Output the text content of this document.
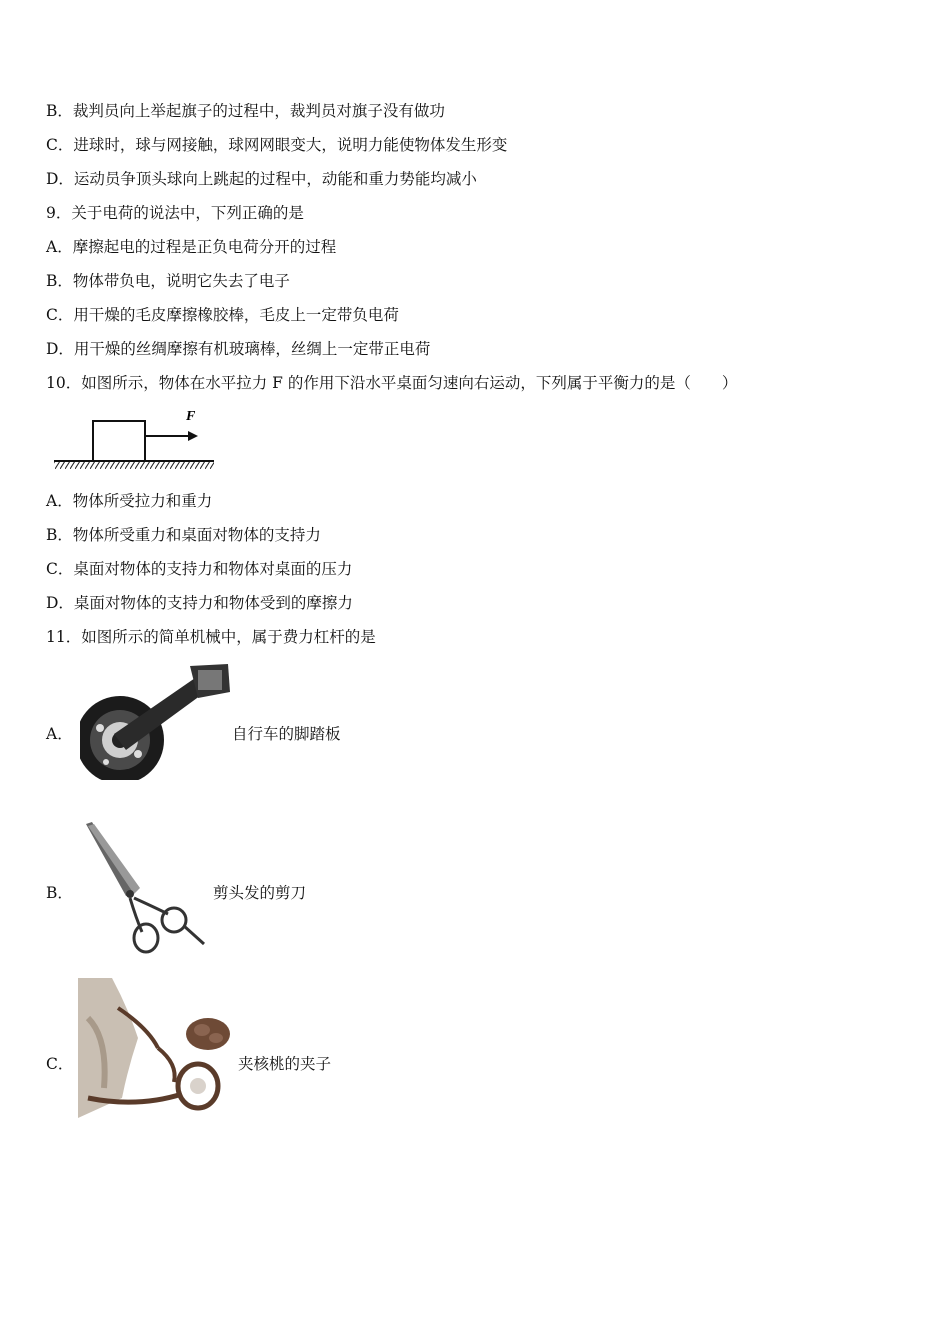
B．裁判员向上举起旗子的过程中，裁判员对旗子没有做功
C．进球时，球与网接触，球网网眼变大，说明力能使物体发生形变
D．运动员争顶头球向上跳起的过程中，动能和重力势能均减小
9．关于电荷的说法中，下列正确的是
A．摩擦起电的过程是正负电荷分开的过程
B．物体带负电，说明它失去了电子
C．用干燥的毛皮摩擦橡胶棒，毛皮上一定带负电荷
D．用干燥的丝绸摩擦有机玻璃棒，丝绸上一定带正电荷
10．如图所示，物体在水平拉力 F 的作用下沿水平桌面匀速向右运动，下列属于平衡力的是（　　）
F
A．物体所受拉力和重力
B．物体所受重力和桌面对物体的支持力
C．桌面对物体的支持力和物体对桌面的压力
D．桌面对物体的支持力和物体受到的摩擦力
11．如图所示的简单机械中，属于费力杠杆的是
A．	自行车的脚踏板
B．	剪头发的剪刀
C．	夹核桃的夹子
